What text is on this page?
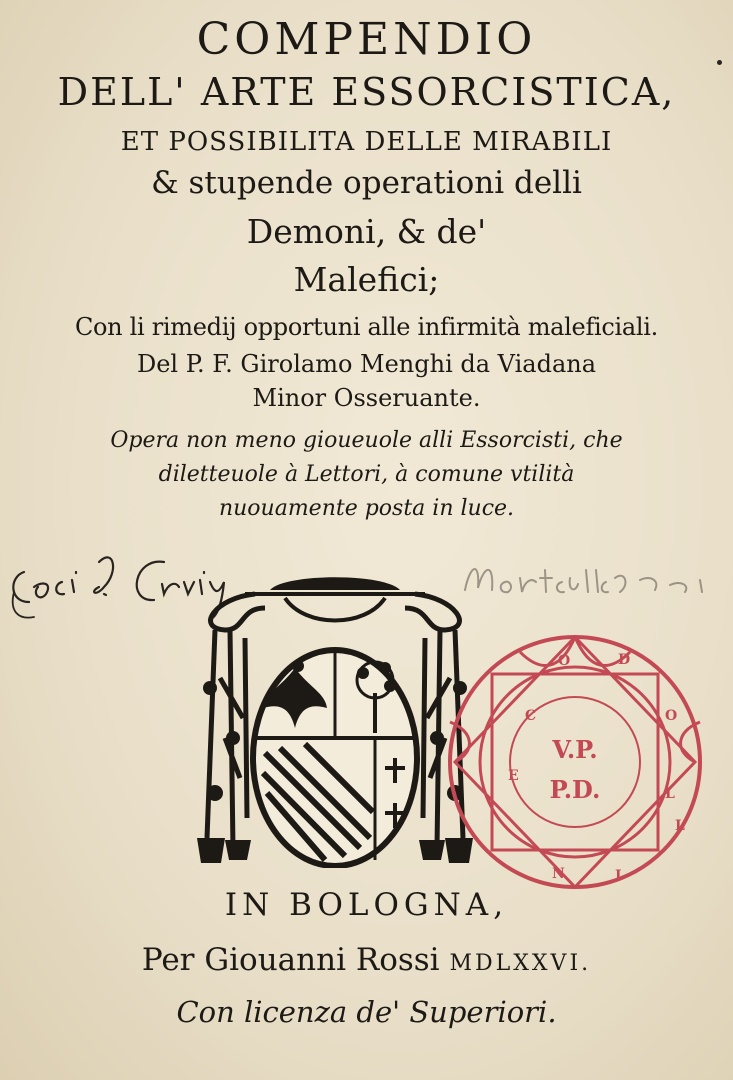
COMPENDIO
DELL' ARTE ESSORCISTICA,
ET POSSIBILITA DELLE MIRABILI
& stupende operationi delli
Demoni, & de'
Malefici;
Con li rimedij opportuni alle infirmità maleficiali.
Del P. F. Girolamo Menghi da Viadana
Minor Osseruante.
Opera non meno gioueuole alli Essorcisti, che
diletteuole à Lettori, à comune vtilità
nuouamente posta in luce.
V.P.
P.D.
O	D
O
L
L
I
N
E
C
IN BOLOGNA,
Per Giouanni Rossi MDLXXVI.
Con licenza de' Superiori.
